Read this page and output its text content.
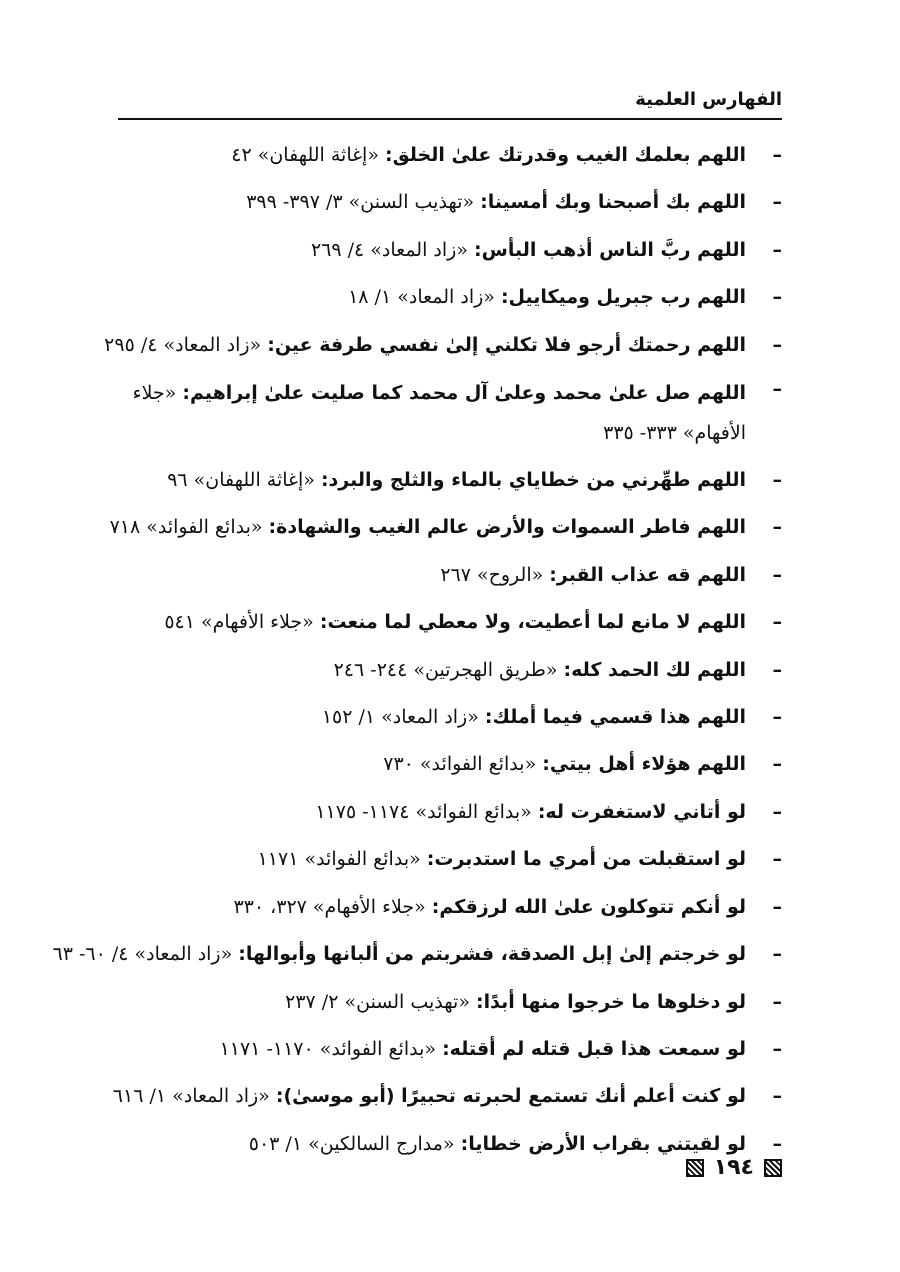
الفهارس العلمية
–
اللهم بعلمك الغيب وقدرتك علىٰ الخلق: «إغاثة اللهفان» ٤٢
–
اللهم بك أصبحنا وبك أمسينا: «تهذيب السنن» ٣/ ٣٩٧- ٣٩٩
–
اللهم ربَّ الناس أذهب البأس: «زاد المعاد» ٤/ ٢٦٩
–
اللهم رب جبريل وميكاييل: «زاد المعاد» ١/ ١٨
–
اللهم رحمتك أرجو فلا تكلني إلىٰ نفسي طرفة عين: «زاد المعاد» ٤/ ٢٩٥
–
اللهم صل علىٰ محمد وعلىٰ آل محمد كما صليت علىٰ إبراهيم: «جلاء الأفهام» ٣٣٣- ٣٣٥
–
اللهم طهِّرني من خطاياي بالماء والثلج والبرد: «إغاثة اللهفان» ٩٦
–
اللهم فاطر السموات والأرض عالم الغيب والشهادة: «بدائع الفوائد» ٧١٨
–
اللهم قه عذاب القبر: «الروح» ٢٦٧
–
اللهم لا مانع لما أعطيت، ولا معطي لما منعت: «جلاء الأفهام» ٥٤١
–
اللهم لك الحمد كله: «طريق الهجرتين» ٢٤٤- ٢٤٦
–
اللهم هذا قسمي فيما أملك: «زاد المعاد» ١/ ١٥٢
–
اللهم هؤلاء أهل بيتي: «بدائع الفوائد» ٧٣٠
–
لو أتاني لاستغفرت له: «بدائع الفوائد» ١١٧٤- ١١٧٥
–
لو استقبلت من أمري ما استدبرت: «بدائع الفوائد» ١١٧١
–
لو أنكم تتوكلون علىٰ الله لرزقكم: «جلاء الأفهام» ٣٢٧، ٣٣٠
–
لو خرجتم إلىٰ إبل الصدقة، فشربتم من ألبانها وأبوالها: «زاد المعاد» ٤/ ٦٠- ٦٣
–
لو دخلوها ما خرجوا منها أبدًا: «تهذيب السنن» ٢/ ٢٣٧
–
لو سمعت هذا قبل قتله لم أقتله: «بدائع الفوائد» ١١٧٠- ١١٧١
–
لو كنت أعلم أنك تستمع لحبرته تحبيرًا (أبو موسىٰ): «زاد المعاد» ١/ ٦١٦
–
لو لقيتني بقراب الأرض خطايا: «مدارج السالكين» ١/ ٥٠٣
١٩٤
